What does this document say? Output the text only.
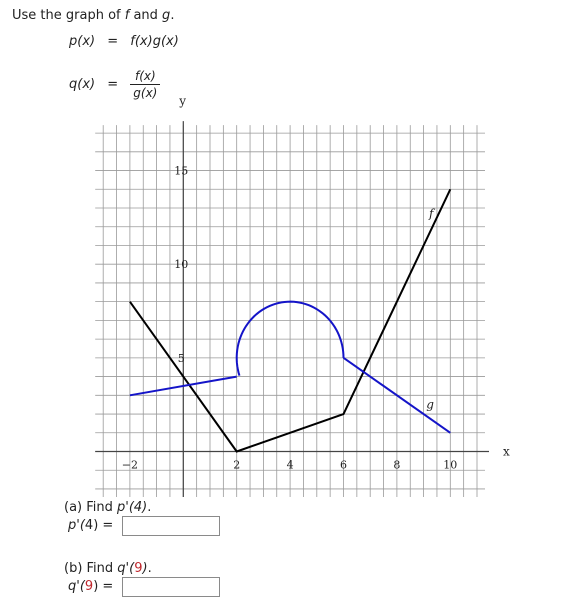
Use the graph of f and g.
p(x) = f(x)g(x)
$q(x) = \frac{f(x)}{g(x)}$
x
y
−2	2	4	6	8	10
5
10
15
f
g
(a) Find p'(4).
p'(4) =
(b) Find q'(9).
q'(9) =
